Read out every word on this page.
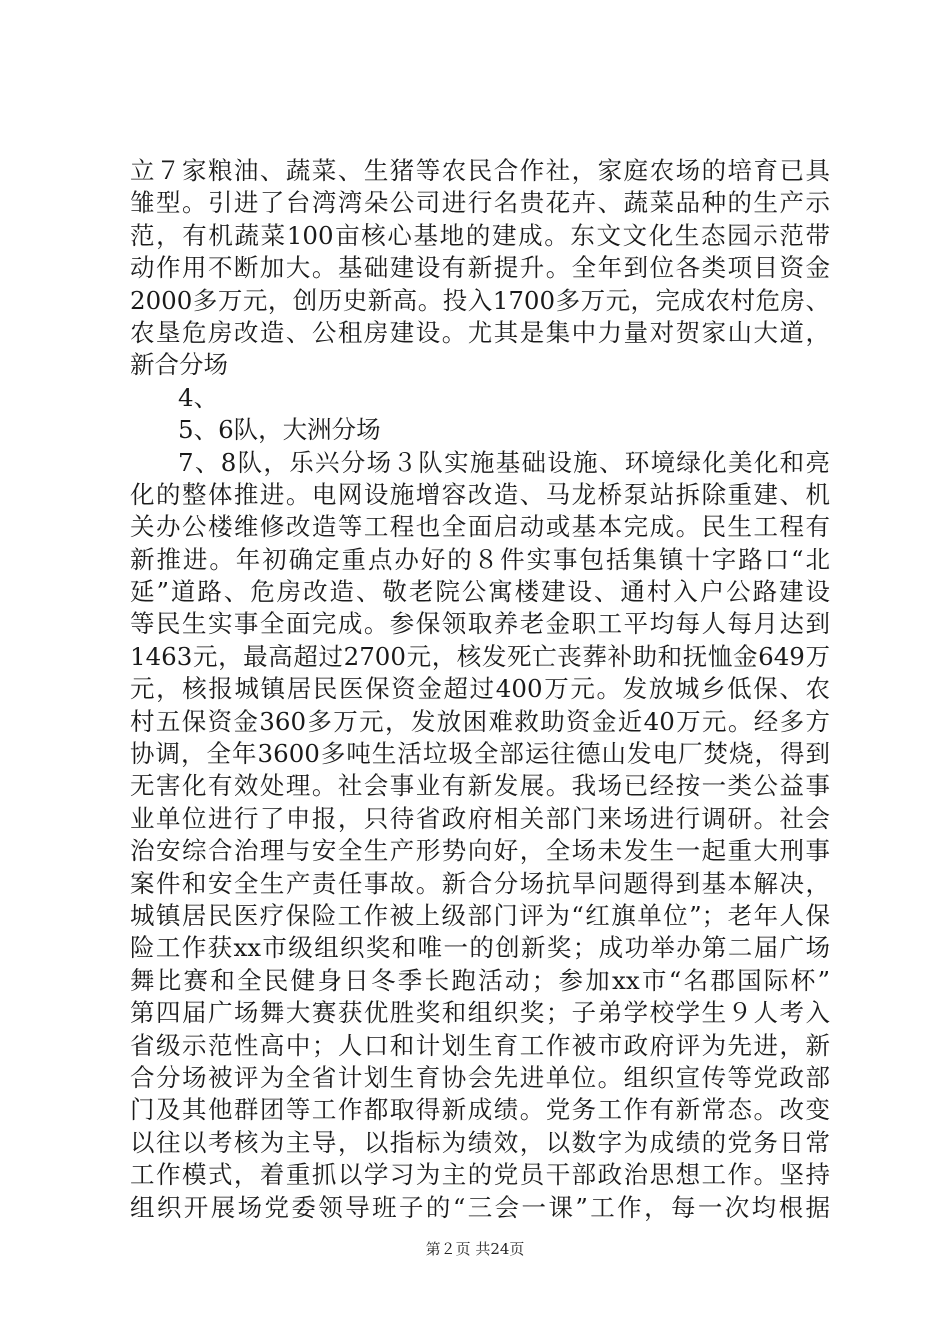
立７家粮油、蔬菜、生猪等农民合作社，家庭农场的培育已具
雏型。引进了台湾湾朵公司进行名贵花卉、蔬菜品种的生产示
范，有机蔬菜100亩核心基地的建成。东文文化生态园示范带
动作用不断加大。基础建设有新提升。全年到位各类项目资金
2000多万元，创历史新高。投入1700多万元，完成农村危房、
农垦危房改造、公租房建设。尤其是集中力量对贺家山大道，
新合分场
4、
5、6队，大洲分场
7、8队，乐兴分场３队实施基础设施、环境绿化美化和亮
化的整体推进。电网设施增容改造、马龙桥泵站拆除重建、机
关办公楼维修改造等工程也全面启动或基本完成。民生工程有
新推进。年初确定重点办好的８件实事包括集镇十字路口“北
延”道路、危房改造、敬老院公寓楼建设、通村入户公路建设
等民生实事全面完成。参保领取养老金职工平均每人每月达到
1463元，最高超过2700元，核发死亡丧葬补助和抚恤金649万
元，核报城镇居民医保资金超过400万元。发放城乡低保、农
村五保资金360多万元，发放困难救助资金近40万元。经多方
协调，全年3600多吨生活垃圾全部运往德山发电厂焚烧，得到
无害化有效处理。社会事业有新发展。我场已经按一类公益事
业单位进行了申报，只待省政府相关部门来场进行调研。社会
治安综合治理与安全生产形势向好，全场未发生一起重大刑事
案件和安全生产责任事故。新合分场抗旱问题得到基本解决，
城镇居民医疗保险工作被上级部门评为“红旗单位”；老年人保
险工作获xx市级组织奖和唯一的创新奖；成功举办第二届广场
舞比赛和全民健身日冬季长跑活动；参加xx市“名郡国际杯”
第四届广场舞大赛获优胜奖和组织奖；子弟学校学生９人考入
省级示范性高中；人口和计划生育工作被市政府评为先进，新
合分场被评为全省计划生育协会先进单位。组织宣传等党政部
门及其他群团等工作都取得新成绩。党务工作有新常态。改变
以往以考核为主导，以指标为绩效，以数字为成绩的党务日常
工作模式，着重抓以学习为主的党员干部政治思想工作。坚持
组织开展场党委领导班子的“三会一课”工作，每一次均根据
第２页 共24页
